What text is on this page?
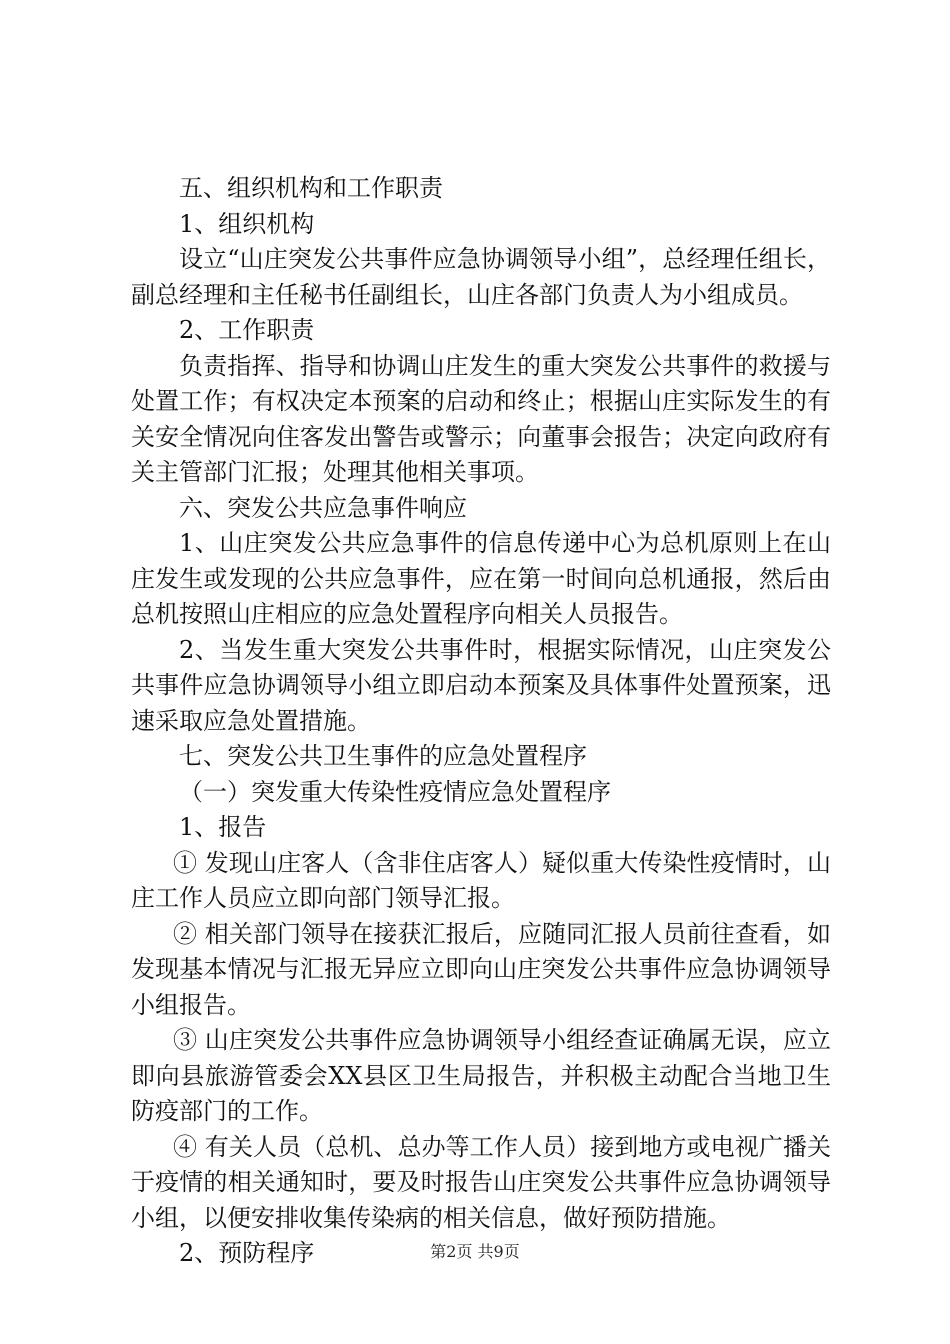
五、组织机构和工作职责

1、组织机构

设立“山庄突发公共事件应急协调领导小组”，总经理任组长，副总经理和主任秘书任副组长，山庄各部门负责人为小组成员。

2、工作职责

负责指挥、指导和协调山庄发生的重大突发公共事件的救援与处置工作；有权决定本预案的启动和终止；根据山庄实际发生的有关安全情况向住客发出警告或警示；向董事会报告；决定向政府有关主管部门汇报；处理其他相关事项。

六、突发公共应急事件响应

1、山庄突发公共应急事件的信息传递中心为总机原则上在山庄发生或发现的公共应急事件，应在第一时间向总机通报，然后由总机按照山庄相应的应急处置程序向相关人员报告。

2、当发生重大突发公共事件时，根据实际情况，山庄突发公共事件应急协调领导小组立即启动本预案及具体事件处置预案，迅速采取应急处置措施。

七、突发公共卫生事件的应急处置程序

（一）突发重大传染性疫情应急处置程序

1、报告

① 发现山庄客人（含非住店客人）疑似重大传染性疫情时，山庄工作人员应立即向部门领导汇报。

② 相关部门领导在接获汇报后，应随同汇报人员前往查看，如发现基本情况与汇报无异应立即向山庄突发公共事件应急协调领导小组报告。

③ 山庄突发公共事件应急协调领导小组经查证确属无误，应立即向县旅游管委会XX县区卫生局报告，并积极主动配合当地卫生防疫部门的工作。

④ 有关人员（总机、总办等工作人员）接到地方或电视广播关于疫情的相关通知时，要及时报告山庄突发公共事件应急协调领导小组，以便安排收集传染病的相关信息，做好预防措施。

2、预防程序	第2页 共9页
